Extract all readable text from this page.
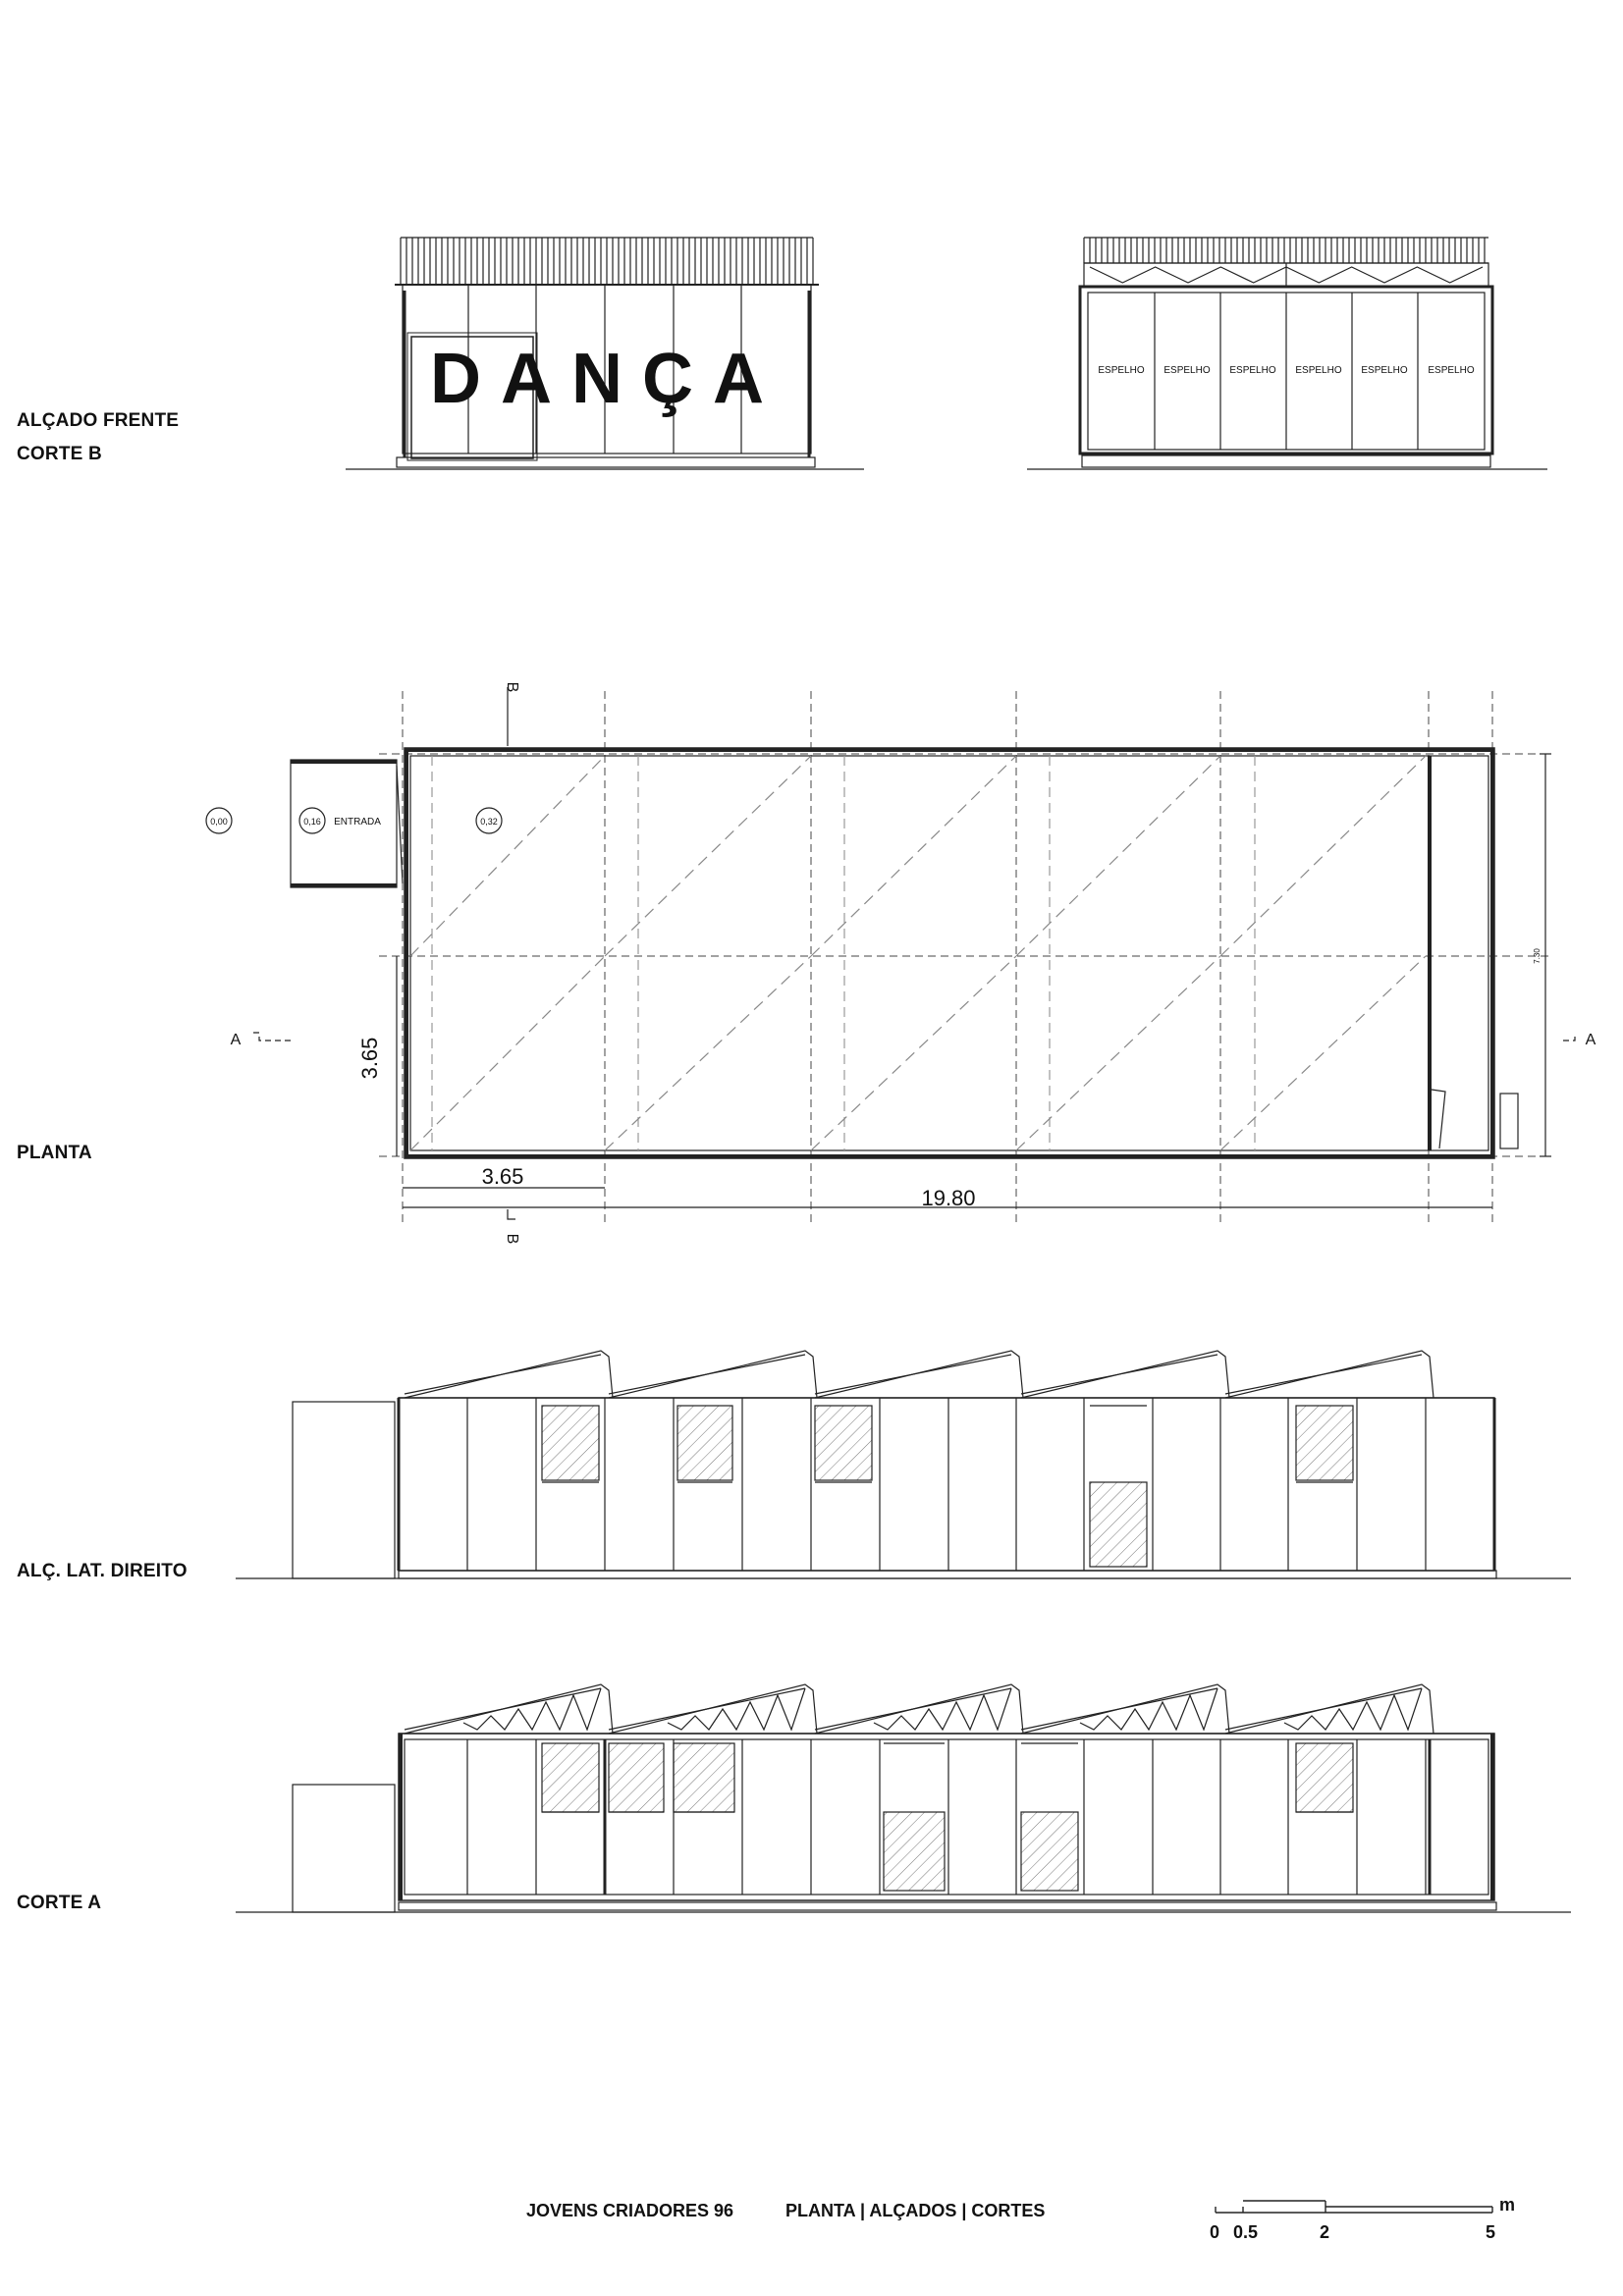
DANÇA	ESPELHO ESPELHO ESPELHO ESPELHO ESPELHO ESPELHO
0,00	0,16	0,32
ENTRADA
B
B
A	A
3.65
3.65
19.80
7.30
ALÇADO FRENTE
CORTE B
PLANTA
ALÇ. LAT. DIREITO
CORTE A
JOVENS CRIADORES 96	PLANTA | ALÇADOS | CORTES	m
0 0.5	2	5
